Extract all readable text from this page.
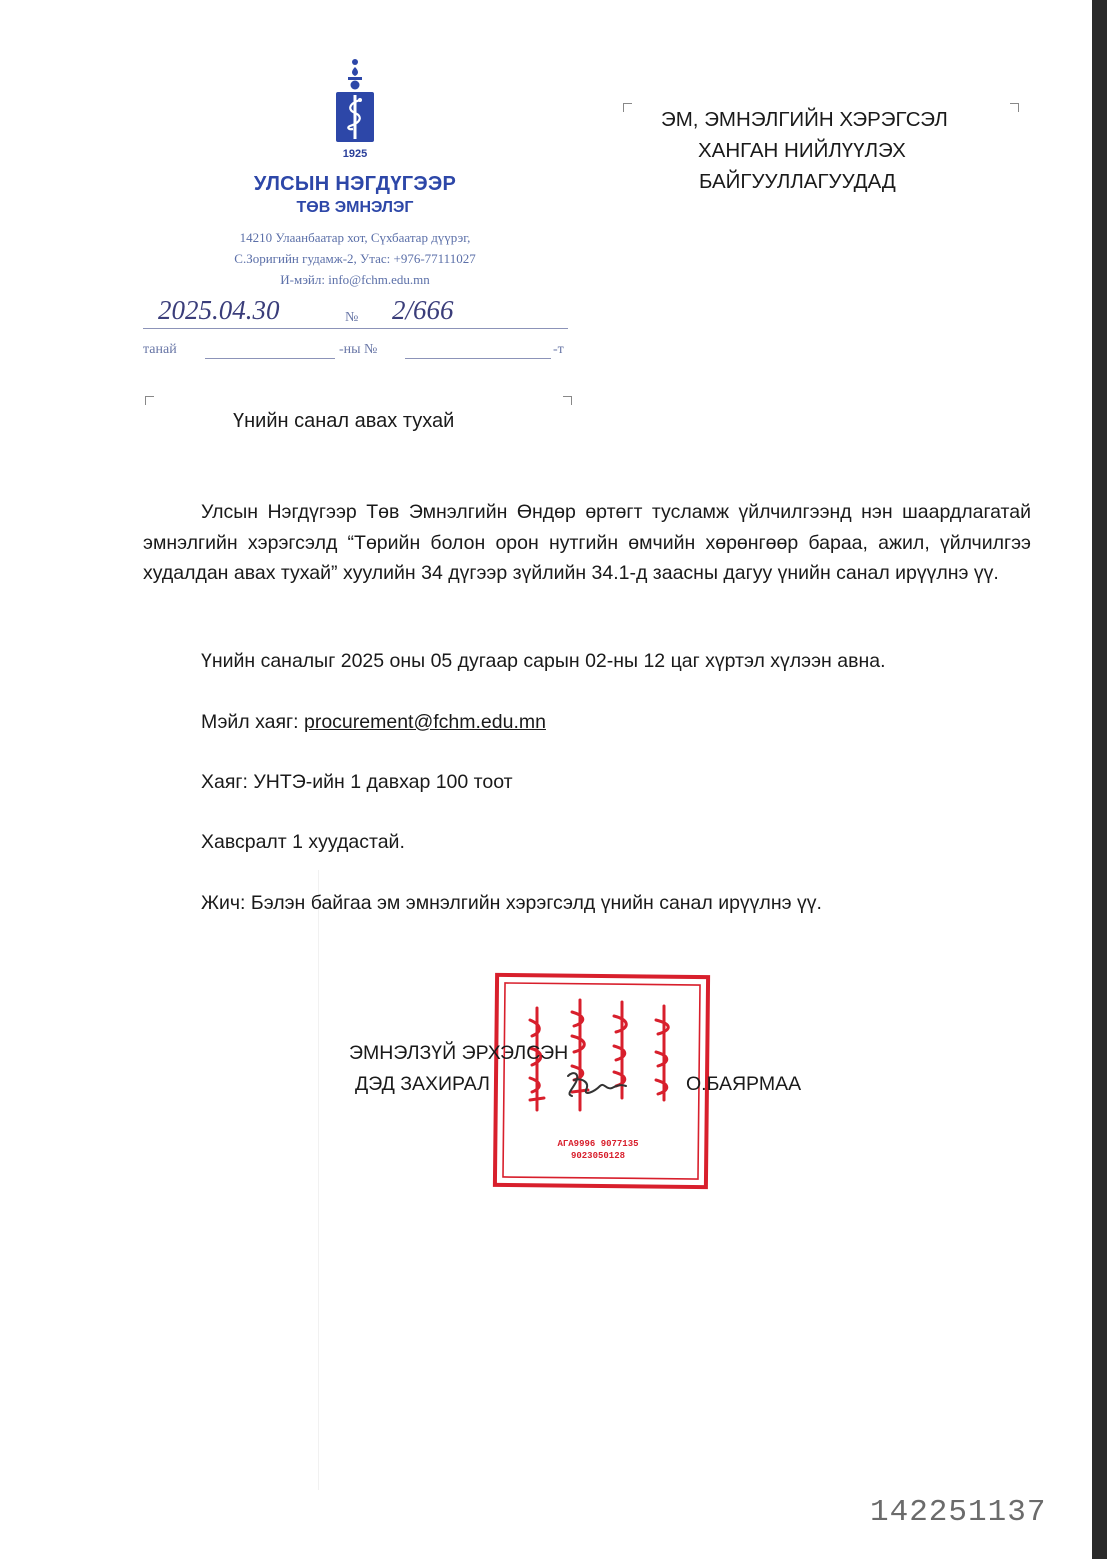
1925
УЛСЫН НЭГДҮГЭЭР
ТӨВ ЭМНЭЛЭГ
14210 Улаанбаатар хот, Сүхбаатар дүүрэг,
С.Зоригийн гудамж-2, Утас: +976-77111027
И-мэйл: info@fchm.edu.mn
2025.04.30	№ 2/666
танай	-ны №	-т
ЭМ, ЭМНЭЛГИЙН ХЭРЭГСЭЛ
ХАНГАН НИЙЛҮҮЛЭХ
БАЙГУУЛЛАГУУДАД
Үнийн санал авах тухай
Улсын Нэгдүгээр Төв Эмнэлгийн Өндөр өртөгт тусламж үйлчилгээнд нэн шаардлагатай эмнэлгийн хэрэгсэлд “Төрийн болон орон нутгийн өмчийн хөрөнгөөр бараа, ажил, үйлчилгээ худалдан авах тухай” хуулийн 34 дүгээр зүйлийн 34.1-д заасны дагуу үнийн санал ирүүлнэ үү.
Үнийн саналыг 2025 оны 05 дугаар сарын 02-ны 12 цаг хүртэл хүлээн авна.
Мэйл хаяг: procurement@fchm.edu.mn
Хаяг: УНТЭ-ийн 1 давхар 100 тоот
Хавсралт 1 хуудастай.
Жич: Бэлэн байгаа эм эмнэлгийн хэрэгсэлд үнийн санал ирүүлнэ үү.
АГА9996 9077135
9023050128
ЭМНЭЛЗҮЙ ЭРХЭЛСЭН
ДЭД ЗАХИРАЛ	О.БАЯРМАА
142251137
